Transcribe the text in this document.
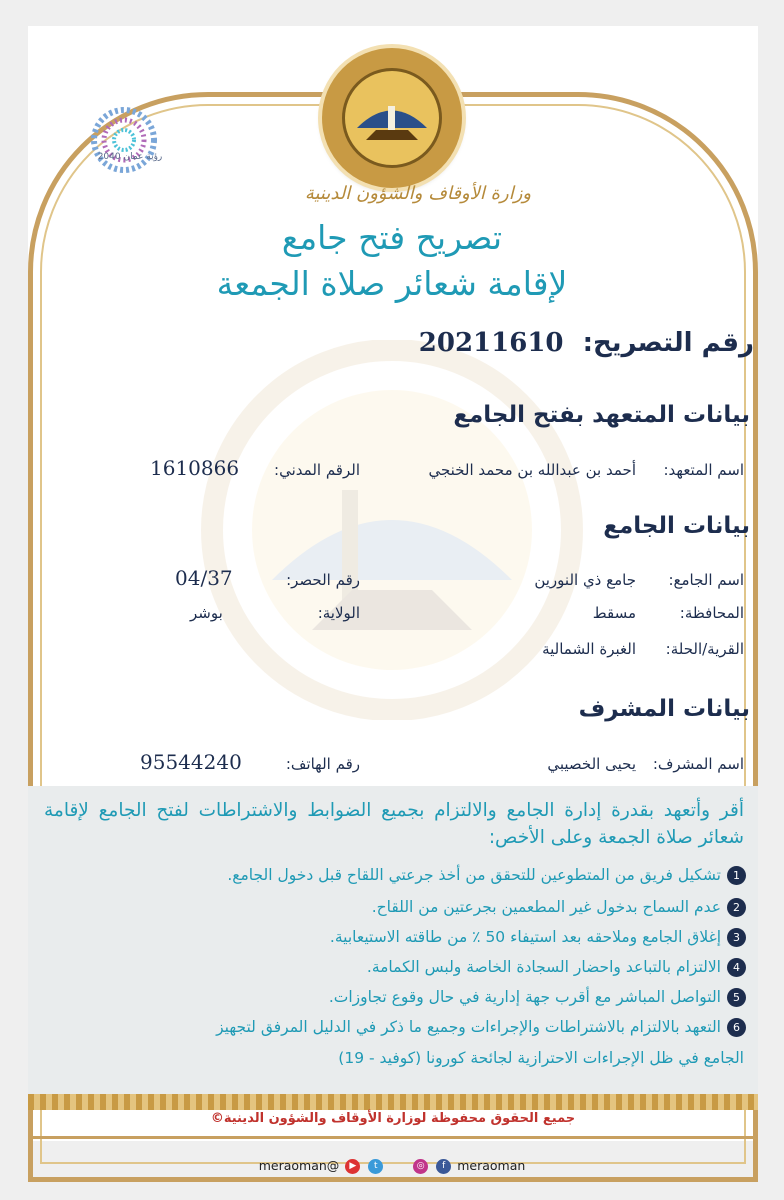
رؤية عمان 2040
وزارة الأوقاف والشؤون الدينية
تصريح فتح جامع
لإقامة شعائر صلاة الجمعة
رقم التصريح: 20211610
بيانات المتعهد بفتح الجامع
اسم المتعهد:
أحمد بن عبدالله بن محمد الخنجي
الرقم المدني:
1610866
بيانات الجامع
اسم الجامع:
جامع ذي النورين
رقم الحصر:
04/37
المحافظة:
مسقط
الولاية:
بوشر
القرية/الحلة:
الغبرة الشمالية
بيانات المشرف
اسم المشرف:
يحيى الخصيبي
رقم الهاتف:
95544240
أقر وأتعهد بقدرة إدارة الجامع والالتزام بجميع الضوابط والاشتراطات لفتح الجامع لإقامة شعائر صلاة الجمعة وعلى الأخص:
1تشكيل فريق من المتطوعين للتحقق من أخذ جرعتي اللقاح قبل دخول الجامع.
2عدم السماح بدخول غير المطعمين بجرعتين من اللقاح.
3إغلاق الجامع وملاحقه بعد استيفاء 50 ٪ من طاقته الاستيعابية.
4الالتزام بالتباعد واحضار السجادة الخاصة ولبس الكمامة.
5التواصل المباشر مع أقرب جهة إدارية في حال وقوع تجاوزات.
6التعهد بالالتزام بالاشتراطات والإجراءات وجميع ما ذكر في الدليل المرفق لتجهيز
الجامع في ظل الإجراءات الاحترازية لجائحة كورونا (كوفيد - 19)
جميع الحقوق محفوظة لوزارة الأوقاف والشؤون الدينية©
meraoman@ ▶ t	◎ f meraoman
